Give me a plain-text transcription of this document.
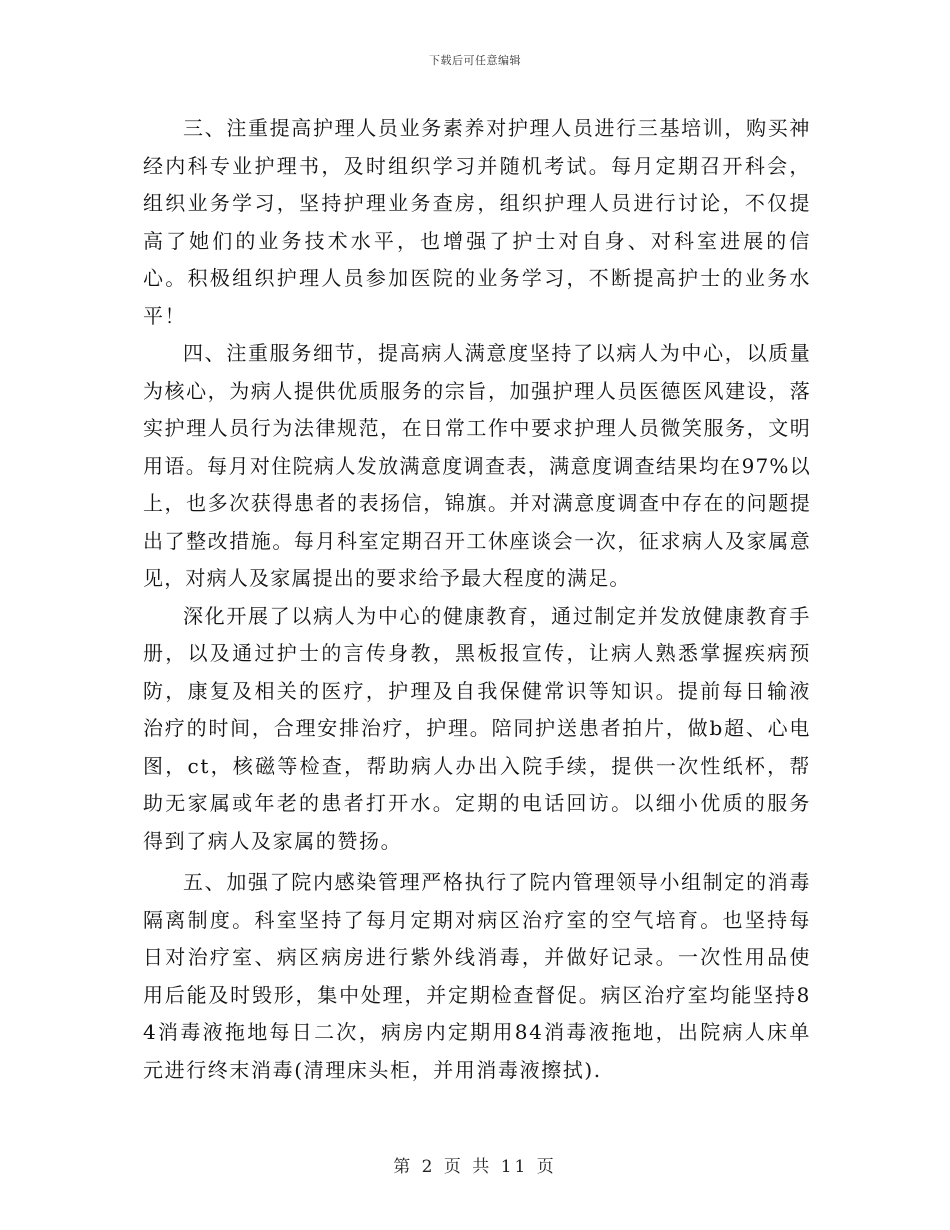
下载后可任意编辑

三、注重提高护理人员业务素养对护理人员进行三基培训，购买神经内科专业护理书，及时组织学习并随机考试。每月定期召开科会，组织业务学习，坚持护理业务查房，组织护理人员进行讨论，不仅提高了她们的业务技术水平，也增强了护士对自身、对科室进展的信心。积极组织护理人员参加医院的业务学习，不断提高护士的业务水平！

四、注重服务细节，提高病人满意度坚持了以病人为中心，以质量为核心，为病人提供优质服务的宗旨，加强护理人员医德医风建设，落实护理人员行为法律规范，在日常工作中要求护理人员微笑服务，文明用语。每月对住院病人发放满意度调查表，满意度调查结果均在97%以上，也多次获得患者的表扬信，锦旗。并对满意度调查中存在的问题提出了整改措施。每月科室定期召开工休座谈会一次，征求病人及家属意见，对病人及家属提出的要求给予最大程度的满足。

深化开展了以病人为中心的健康教育，通过制定并发放健康教育手册，以及通过护士的言传身教，黑板报宣传，让病人熟悉掌握疾病预防，康复及相关的医疗，护理及自我保健常识等知识。提前每日输液治疗的时间，合理安排治疗，护理。陪同护送患者拍片，做b超、心电图，ct，核磁等检查，帮助病人办出入院手续，提供一次性纸杯，帮助无家属或年老的患者打开水。定期的电话回访。以细小优质的服务得到了病人及家属的赞扬。

五、加强了院内感染管理严格执行了院内管理领导小组制定的消毒隔离制度。科室坚持了每月定期对病区治疗室的空气培育。也坚持每日对治疗室、病区病房进行紫外线消毒，并做好记录。一次性用品使用后能及时毁形，集中处理，并定期检查督促。病区治疗室均能坚持84消毒液拖地每日二次，病房内定期用84消毒液拖地，出院病人床单元进行终末消毒(清理床头柜，并用消毒液擦拭).

第 2 页 共 11 页
